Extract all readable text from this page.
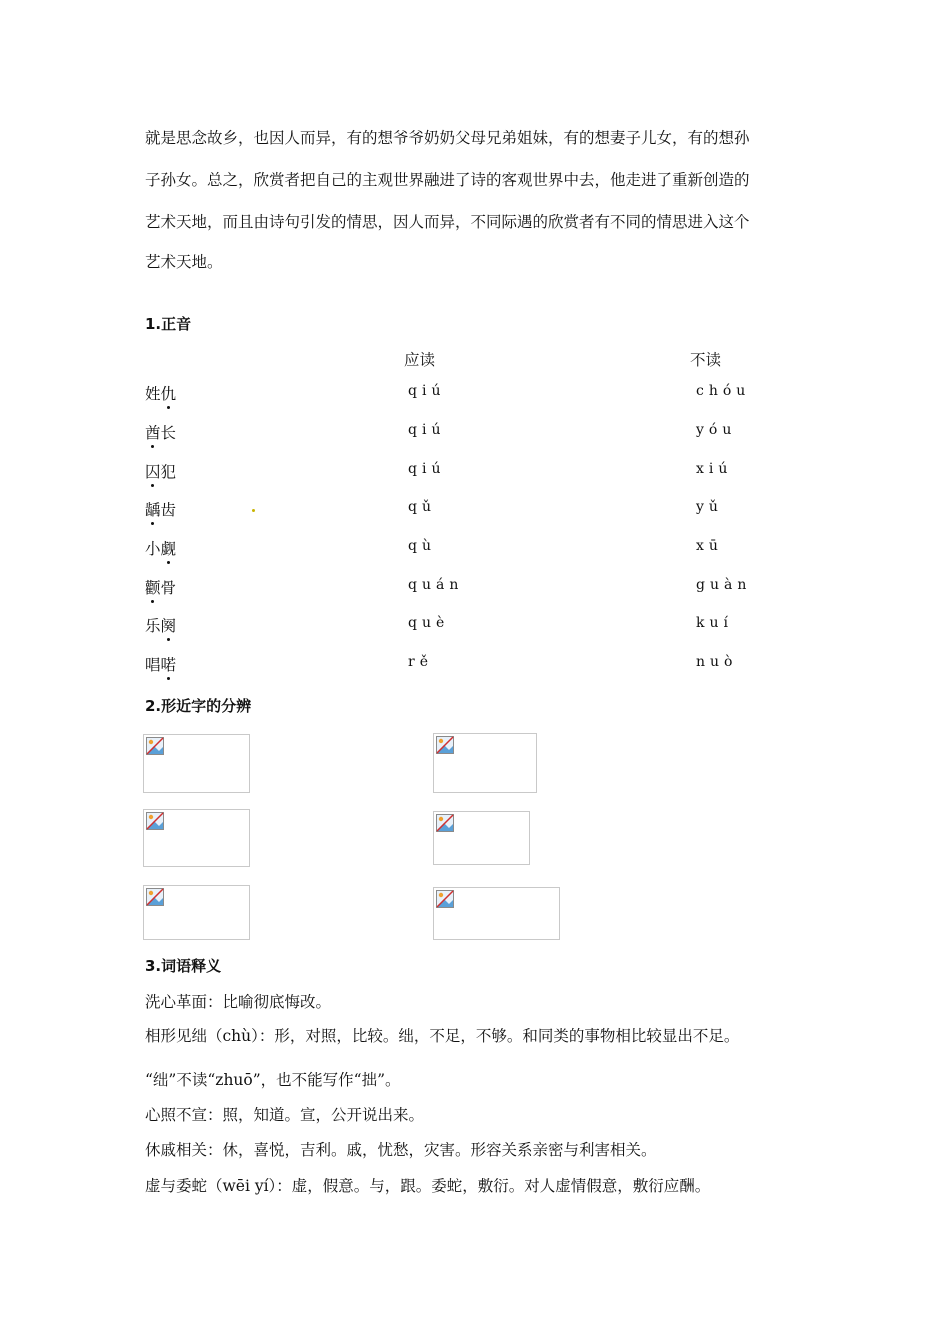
就是思念故乡，也因人而异，有的想爷爷奶奶父母兄弟姐妹，有的想妻子儿女，有的想孙
子孙女。总之，欣赏者把自己的主观世界融进了诗的客观世界中去，他走进了重新创造的
艺术天地，而且由诗句引发的情思，因人而异，不同际遇的欣赏者有不同的情思进入这个
艺术天地。
1.正音
应读	不读
姓仇	qiú	chóu
酋长	qiú	yóu
囚犯	qiú	xiú
龋齿	qǔ	yǔ
小觑	qù	xū
颧骨	quán	guàn
乐阕	què	kuí
唱喏	rě	nuò
2.形近字的分辨
3.词语释义
洗心革面：比喻彻底悔改。
相形见绌（chù）：形，对照，比较。绌，不足，不够。和同类的事物相比较显出不足。
“绌”不读“zhuō”，也不能写作“拙”。
心照不宣：照，知道。宣，公开说出来。
休戚相关：休，喜悦，吉利。戚，忧愁，灾害。形容关系亲密与利害相关。
虚与委蛇（wēi yí）：虚，假意。与，跟。委蛇，敷衍。对人虚情假意，敷衍应酬。
